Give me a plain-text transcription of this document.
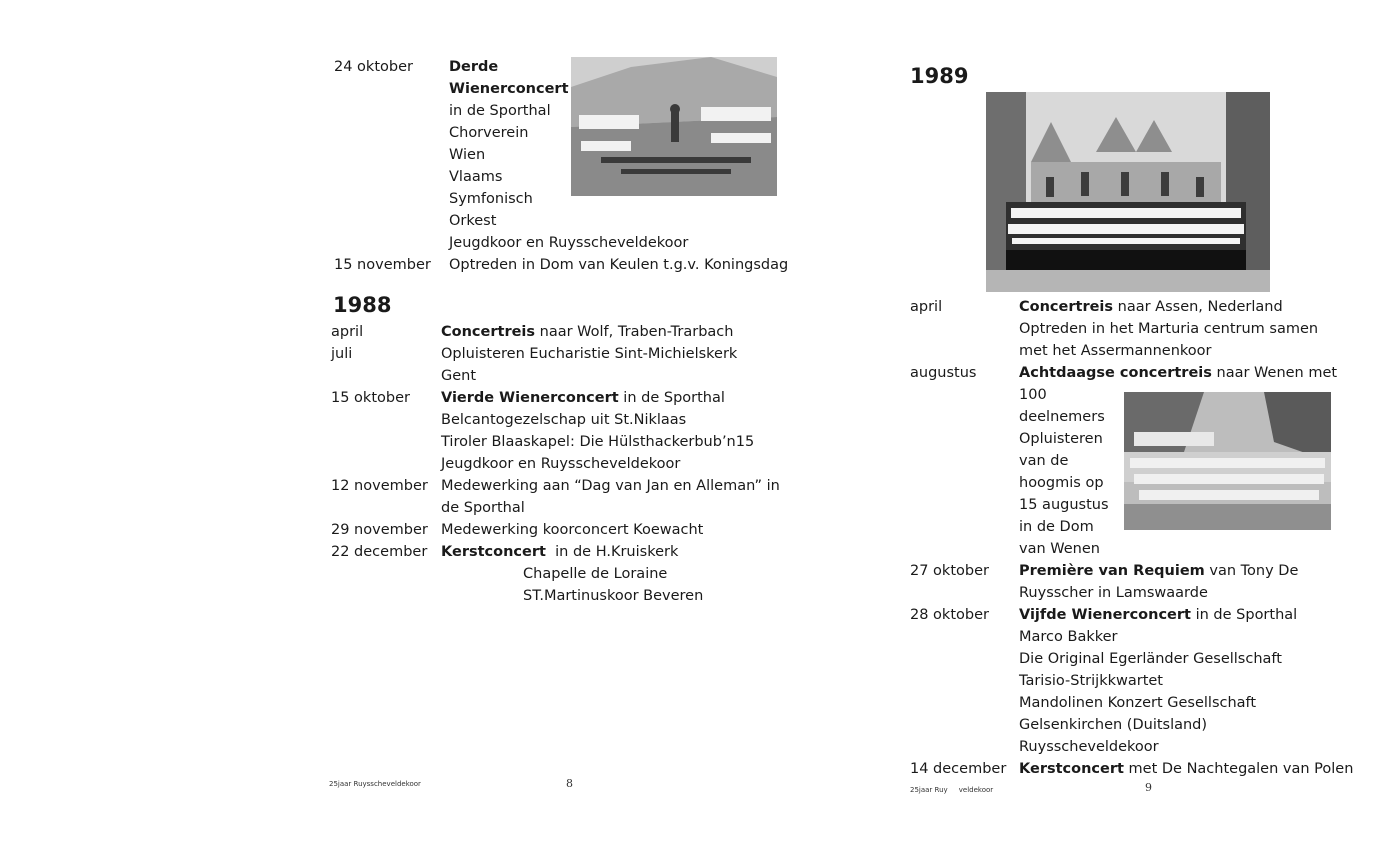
24 oktober Derde
Wienerconcert
in de Sporthal
Chorverein
Wien
Vlaams
Symfonisch
Orkest
Jeugdkoor en Ruysscheveldekoor
15 november Optreden in Dom van Keulen t.g.v. Koningsdag
1988
april	Concertreis naar Wolf, Traben-Trarbach
juli	Opluisteren Eucharistie Sint-Michielskerk
Gent
15 oktober Vierde Wienerconcert in de Sporthal
Belcantogezelschap uit St.Niklaas
Tiroler Blaaskapel: Die Hülsthackerbub’n15
Jeugdkoor en Ruysscheveldekoor
12 november Medewerking aan “Dag van Jan en Alleman” in
de Sporthal
29 november Medewerking koorconcert Koewacht
22 december Kerstconcert  in de H.Kruiskerk
Chapelle de Loraine
ST.Martinuskoor Beveren
25jaar Ruysscheveldekoor	8
1989
april	Concertreis naar Assen, Nederland
Optreden in het Marturia centrum samen
met het Assermannenkoor
augustus	Achtdaagse concertreis naar Wenen met
100
deelnemers
Opluisteren
van de
hoogmis op
15 augustus
in de Dom
van Wenen
27 oktober Première van Requiem van Tony De
Ruysscher in Lamswaarde
28 oktober Vijfde Wienerconcert in de Sporthal
Marco Bakker
Die Original Egerländer Gesellschaft
Tarisio-Strijkkwartet
Mandolinen Konzert Gesellschaft
Gelsenkirchen (Duitsland)
Ruysscheveldekoor
14 december Kerstconcert met De Nachtegalen van Polen
25jaar Ruy     veldekoor	9
